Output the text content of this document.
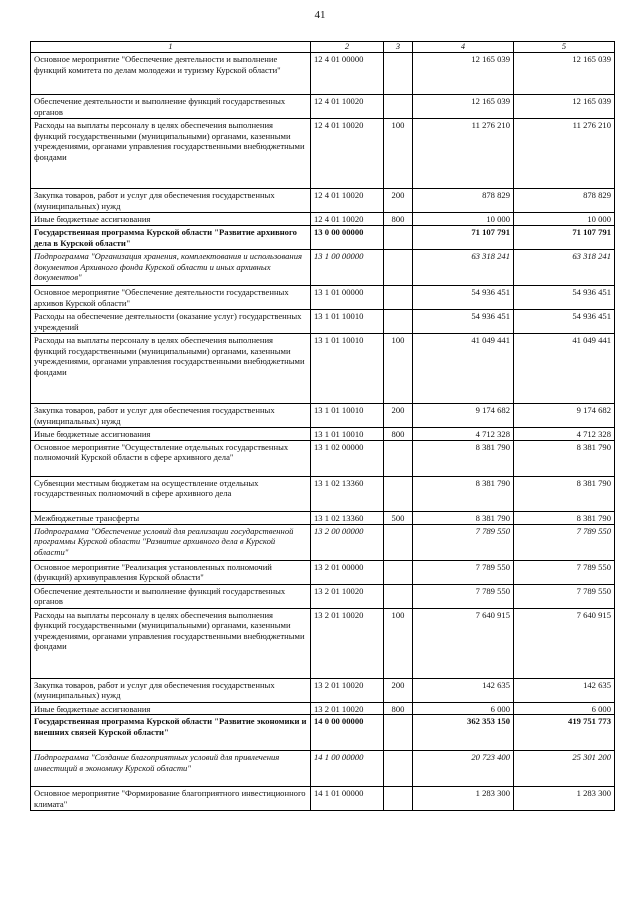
41
1	2	3	4	5
Основное мероприятие "Обеспечение деятельности и выполнение функций комитета по делам молодежи и туризму Курской области"	12 4 01 00000		12 165 039	12 165 039
Обеспечение деятельности и выполнение функций государственных органов	12 4 01 10020		12 165 039	12 165 039
Расходы на выплаты персоналу в целях обеспечения выполнения функций государственными (муниципальными) органами, казенными учреждениями, органами управления государственными внебюджетными фондами	12 4 01 10020	100	11 276 210	11 276 210
Закупка товаров, работ и услуг для обеспечения государственных (муниципальных) нужд	12 4 01 10020	200	878 829	878 829
Иные бюджетные ассигнования	12 4 01 10020	800	10 000	10 000
Государственная программа Курской области "Развитие архивного дела в Курской области"	13 0 00 00000		71 107 791	71 107 791
Подпрограмма "Организация хранения, комплектования и использования документов Архивного фонда Курской области и иных архивных документов"	13 1 00 00000		63 318 241	63 318 241
Основное мероприятие "Обеспечение деятельности государственных архивов Курской области"	13 1 01 00000		54 936 451	54 936 451
Расходы на обеспечение деятельности (оказание услуг) государственных учреждений	13 1 01 10010		54 936 451	54 936 451
Расходы на выплаты персоналу в целях обеспечения выполнения функций государственными (муниципальными) органами, казенными учреждениями, органами управления государственными внебюджетными фондами	13 1 01 10010	100	41 049 441	41 049 441
Закупка товаров, работ и услуг для обеспечения государственных (муниципальных) нужд	13 1 01 10010	200	9 174 682	9 174 682
Иные бюджетные ассигнования	13 1 01 10010	800	4 712 328	4 712 328
Основное мероприятие "Осуществление отдельных государственных полномочий Курской области в сфере архивного дела"	13 1 02 00000		8 381 790	8 381 790
Субвенции местным бюджетам на осуществление отдельных государственных полномочий в сфере архивного дела	13 1 02 13360		8 381 790	8 381 790
Межбюджетные трансферты	13 1 02 13360	500	8 381 790	8 381 790
Подпрограмма "Обеспечение условий для реализации государственной программы Курской области "Развитие архивного дела в Курской области"	13 2 00 00000		7 789 550	7 789 550
Основное мероприятие "Реализация установленных полномочий (функций) архивуправления Курской области"	13 2 01 00000		7 789 550	7 789 550
Обеспечение деятельности и выполнение функций государственных органов	13 2 01 10020		7 789 550	7 789 550
Расходы на выплаты персоналу в целях обеспечения выполнения функций государственными (муниципальными) органами, казенными учреждениями, органами управления государственными внебюджетными фондами	13 2 01 10020	100	7 640 915	7 640 915
Закупка товаров, работ и услуг для обеспечения государственных (муниципальных) нужд	13 2 01 10020	200	142 635	142 635
Иные бюджетные ассигнования	13 2 01 10020	800	6 000	6 000
Государственная программа Курской области "Развитие экономики и внешних связей Курской области"	14 0 00 00000		362 353 150	419 751 773
Подпрограмма "Создание благоприятных условий для привлечения инвестиций в экономику Курской области"	14 1 00 00000		20 723 400	25 301 200
Основное мероприятие "Формирование благоприятного инвестиционного климата"	14 1 01 00000		1 283 300	1 283 300
